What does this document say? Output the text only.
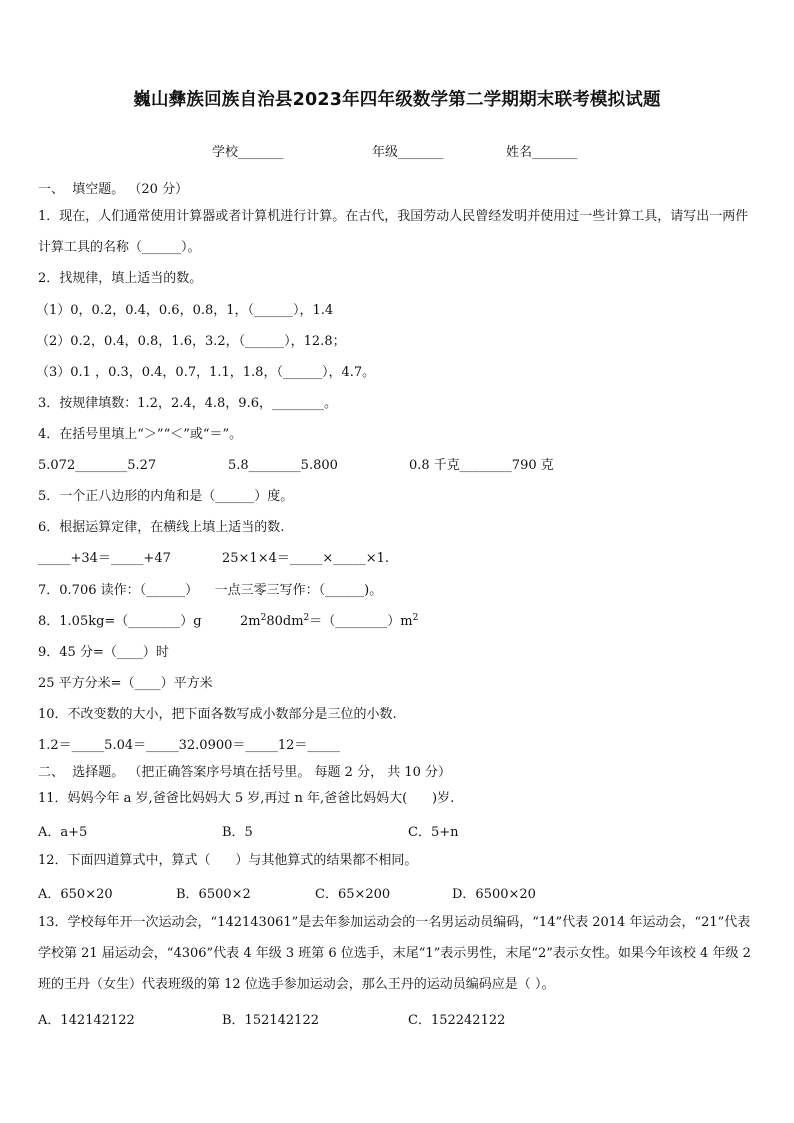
巍山彝族回族自治县2023年四年级数学第二学期期末联考模拟试题
学校_______	年级_______	姓名_______
一、  填空题。 （20 分）
1．现在，人们通常使用计算器或者计算机进行计算。在古代，我国劳动人民曾经发明并使用过一些计算工具，请写出一两件计算工具的名称（______）。
2．找规律，填上适当的数。
（1）0，0.2，0.4，0.6，0.8，1，（______），1.4
（2）0.2，0.4，0.8，1.6，3.2，（______），12.8；
（3）0.1 ，0.3，0.4，0.7，1.1，1.8，（______），4.7。
3．按规律填数：1.2，2.4，4.8，9.6，________。
4．在括号里填上“＞”“＜”或“＝”。
5.072________5.27	5.8________5.800	0.8 千克________790 克
5．一个正八边形的内角和是（______）度。
6．根据运算定律，在横线上填上适当的数.
_____+34＝_____+47	25×1×4＝_____×_____×1.
7．0.706 读作：（______）    一点三零三写作：（______)。
8．1.05kg=（________）g	$2m^280dm^2=(\_\_\_\_\_\_\_\_)m^2$
9．45 分=（____）时
25 平方分米=（____）平方米
10．不改变数的大小，把下面各数写成小数部分是三位的小数.
1.2＝_____5.04＝_____32.0900＝_____12＝_____
二、  选择题。 （把正确答案序号填在括号里。 每题 2 分， 共 10 分）
11．妈妈今年 a 岁,爸爸比妈妈大 5 岁,再过 n 年,爸爸比妈妈大(      )岁.
A．a+5	B．5	C．5+n
12．下面四道算式中，算式（      ）与其他算式的结果都不相同。
A．650×20	B．6500×2	C．65×200	D．6500×20
13．学校每年开一次运动会，“142143061”是去年参加运动会的一名男运动员编码，“14”代表 2014 年运动会，“21”代表学校第 21 届运动会，“4306”代表 4 年级 3 班第 6 位选手，末尾“1”表示男性，末尾“2”表示女性。如果今年该校 4 年级 2 班的王丹（女生）代表班级的第 12 位选手参加运动会，那么王丹的运动员编码应是（ ）。
A．142142122	B．152142122	C．152242122
